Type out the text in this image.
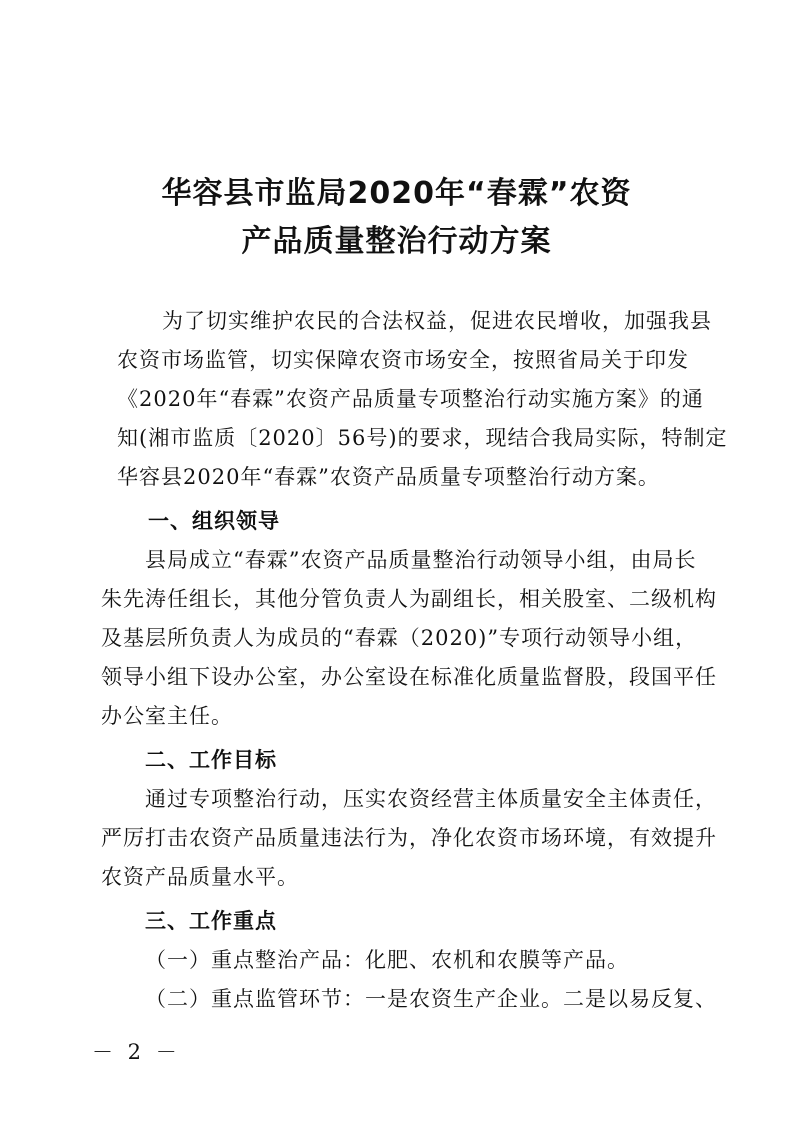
华容县市监局2020年“春霖”农资
产品质量整治行动方案
为了切实维护农民的合法权益，促进农民增收，加强我县
农资市场监管，切实保障农资市场安全，按照省局关于印发
《2020年“春霖”农资产品质量专项整治行动实施方案》的通
知(湘市监质〔2020〕56号)的要求，现结合我局实际，特制定
华容县2020年“春霖”农资产品质量专项整治行动方案。
一、组织领导
县局成立“春霖”农资产品质量整治行动领导小组，由局长
朱先涛任组长，其他分管负责人为副组长，相关股室、二级机构
及基层所负责人为成员的“春霖（2020)”专项行动领导小组，
领导小组下设办公室，办公室设在标准化质量监督股，段国平任
办公室主任。
二、工作目标
通过专项整治行动，压实农资经营主体质量安全主体责任，
严厉打击农资产品质量违法行为，净化农资市场环境，有效提升
农资产品质量水平。
三、工作重点
（一）重点整治产品：化肥、农机和农膜等产品。
（二）重点监管环节：一是农资生产企业。二是以易反复、
－ 2 －
